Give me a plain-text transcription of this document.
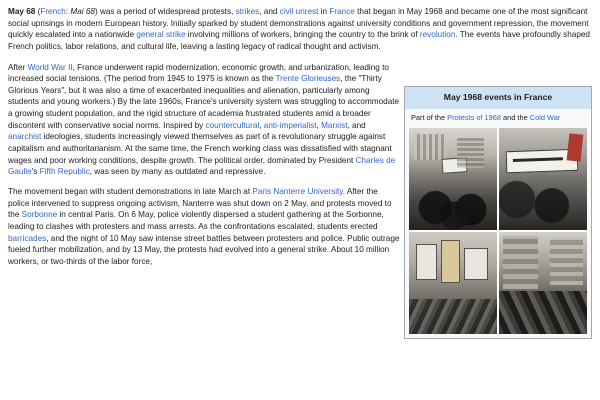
May 68 (French: Mai 68) was a period of widespread protests, strikes, and civil unrest in France that began in May 1968 and became one of the most significant social uprisings in modern European history. Initially sparked by student demonstrations against university conditions and government repression, the movement quickly escalated into a nationwide general strike involving millions of workers, bringing the country to the brink of revolution. The events have profoundly shaped French politics, labor relations, and cultural life, leaving a lasting legacy of radical thought and activism.

May 1968 events in France
Part of the Protests of 1968 and the Cold War

After World War II, France underwent rapid modernization, economic growth, and urbanization, leading to increased social tensions. (The period from 1945 to 1975 is known as the Trente Glorieuses, the "Thirty Glorious Years", but it was also a time of exacerbated inequalities and alienation, particularly among students and young workers.) By the late 1960s, France's university system was struggling to accommodate a growing student population, and the rigid structure of academia frustrated students amid a broader discontent with conservative social norms. Inspired by countercultural, anti-imperialist, Marxist, and anarchist ideologies, students increasingly viewed themselves as part of a revolutionary struggle against capitalism and authoritarianism. At the same time, the French working class was dissatisfied with stagnant wages and poor working conditions, despite growth. The political order, dominated by President Charles de Gaulle's Fifth Republic, was seen by many as outdated and repressive.

The movement began with student demonstrations in late March at Paris Nanterre University. After the police intervened to suppress ongoing activism, Nanterre was shut down on 2 May, and protests moved to the Sorbonne in central Paris. On 6 May, police violently dispersed a student gathering at the Sorbonne, leading to clashes with protesters and mass arrests. As the confrontations escalated, students erected barricades, and the night of 10 May saw intense street battles between protesters and police. Public outrage fueled further mobilization, and by 13 May, the protests had evolved into a general strike. About 10 million workers, or two-thirds of the labor force,
